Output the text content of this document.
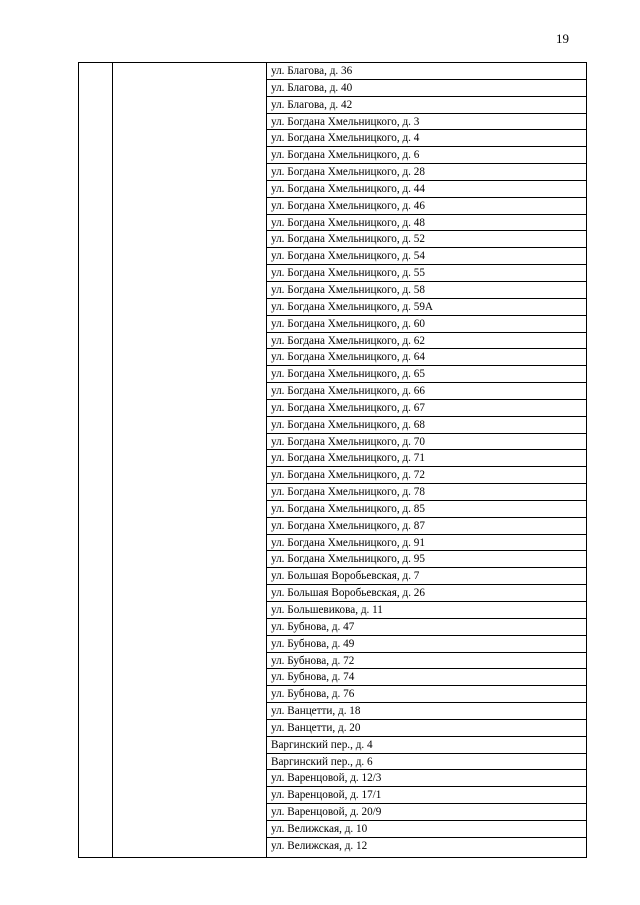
19
ул. Благова, д. 36
ул. Благова, д. 40
ул. Благова, д. 42
ул. Богдана Хмельницкого, д. 3
ул. Богдана Хмельницкого, д. 4
ул. Богдана Хмельницкого, д. 6
ул. Богдана Хмельницкого, д. 28
ул. Богдана Хмельницкого, д. 44
ул. Богдана Хмельницкого, д. 46
ул. Богдана Хмельницкого, д. 48
ул. Богдана Хмельницкого, д. 52
ул. Богдана Хмельницкого, д. 54
ул. Богдана Хмельницкого, д. 55
ул. Богдана Хмельницкого, д. 58
ул. Богдана Хмельницкого, д. 59А
ул. Богдана Хмельницкого, д. 60
ул. Богдана Хмельницкого, д. 62
ул. Богдана Хмельницкого, д. 64
ул. Богдана Хмельницкого, д. 65
ул. Богдана Хмельницкого, д. 66
ул. Богдана Хмельницкого, д. 67
ул. Богдана Хмельницкого, д. 68
ул. Богдана Хмельницкого, д. 70
ул. Богдана Хмельницкого, д. 71
ул. Богдана Хмельницкого, д. 72
ул. Богдана Хмельницкого, д. 78
ул. Богдана Хмельницкого, д. 85
ул. Богдана Хмельницкого, д. 87
ул. Богдана Хмельницкого, д. 91
ул. Богдана Хмельницкого, д. 95
ул. Большая Воробьевская, д. 7
ул. Большая Воробьевская, д. 26
ул. Большевикова, д. 11
ул. Бубнова, д. 47
ул. Бубнова, д. 49
ул. Бубнова, д. 72
ул. Бубнова, д. 74
ул. Бубнова, д. 76
ул. Ванцетти, д. 18
ул. Ванцетти, д. 20
Варгинский пер., д. 4
Варгинский пер., д. 6
ул. Варенцовой, д. 12/3
ул. Варенцовой, д. 17/1
ул. Варенцовой, д. 20/9
ул. Велижская, д. 10
ул. Велижская, д. 12
